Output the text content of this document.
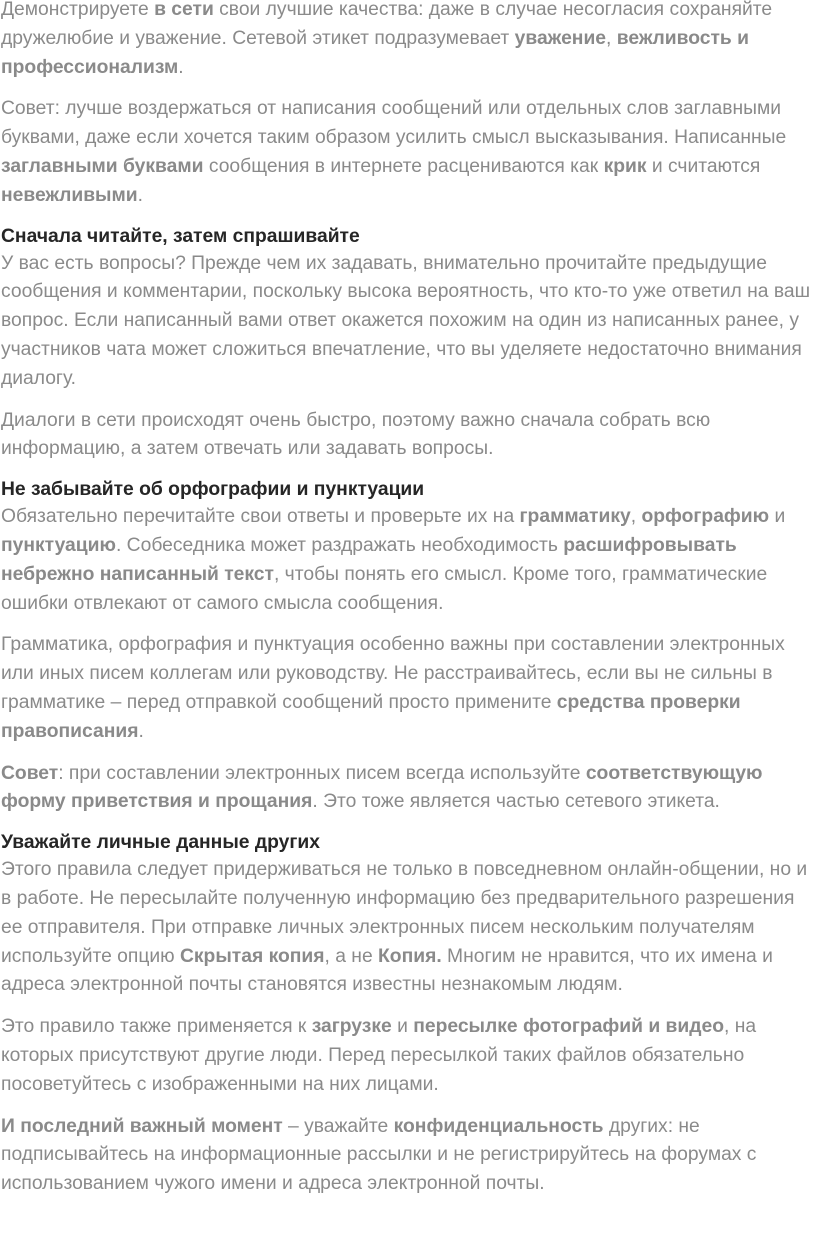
Демонстрируете в сети свои лучшие качества: даже в случае несогласия сохраняйте дружелюбие и уважение. Сетевой этикет подразумевает уважение, вежливость и профессионализм.

Совет: лучше воздержаться от написания сообщений или отдельных слов заглавными буквами, даже если хочется таким образом усилить смысл высказывания. Написанные заглавными буквами сообщения в интернете расцениваются как крик и считаются невежливыми.

Сначала читайте, затем спрашивайте

У вас есть вопросы? Прежде чем их задавать, внимательно прочитайте предыдущие сообщения и комментарии, поскольку высока вероятность, что кто-то уже ответил на ваш вопрос. Если написанный вами ответ окажется похожим на один из написанных ранее, у участников чата может сложиться впечатление, что вы уделяете недостаточно внимания диалогу.

Диалоги в сети происходят очень быстро, поэтому важно сначала собрать всю информацию, а затем отвечать или задавать вопросы.

Не забывайте об орфографии и пунктуации

Обязательно перечитайте свои ответы и проверьте их на грамматику, орфографию и пунктуацию. Собеседника может раздражать необходимость расшифровывать небрежно написанный текст, чтобы понять его смысл. Кроме того, грамматические ошибки отвлекают от самого смысла сообщения.

Грамматика, орфография и пунктуация особенно важны при составлении электронных или иных писем коллегам или руководству. Не расстраивайтесь, если вы не сильны в грамматике – перед отправкой сообщений просто примените средства проверки правописания.

Совет: при составлении электронных писем всегда используйте соответствующую форму приветствия и прощания. Это тоже является частью сетевого этикета.

Уважайте личные данные других

Этого правила следует придерживаться не только в повседневном онлайн-общении, но и в работе. Не пересылайте полученную информацию без предварительного разрешения ее отправителя. При отправке личных электронных писем нескольким получателям используйте опцию Скрытая копия, а не Копия. Многим не нравится, что их имена и адреса электронной почты становятся известны незнакомым людям.

Это правило также применяется к загрузке и пересылке фотографий и видео, на которых присутствуют другие люди. Перед пересылкой таких файлов обязательно посоветуйтесь с изображенными на них лицами.

И последний важный момент – уважайте конфиденциальность других: не подписывайтесь на информационные рассылки и не регистрируйтесь на форумах с использованием чужого имени и адреса электронной почты.
